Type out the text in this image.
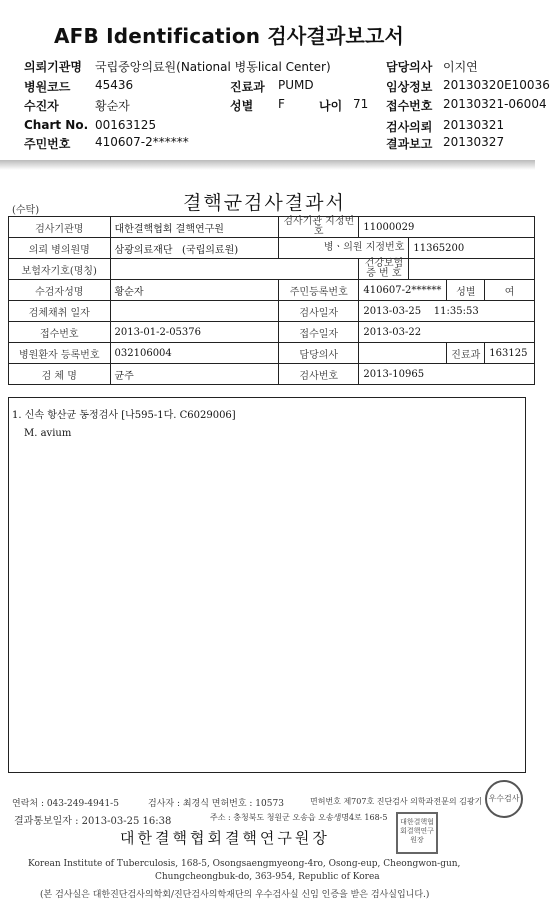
AFB Identification 검사결과보고서
의뢰기관명 국립중앙의료원(National 병동lical Center)	담당의사 이지연
병원코드 45436	진료과 PUMD	임상정보 20130320E10036
수진자	황순자	성별 F	나이 71 접수번호 20130321-06004
Chart No. 00163125	검사의뢰 20130321
주민번호 410607-2******	결과보고 20130327
(수탁)	결핵균검사결과서
검사기관명	대한결핵협회 결핵연구원	검사기관 지정번호	11000029			
의뢰 병의원명	삼광의료재단 (국립의료원)	병ㆍ의원 지정번호		11365200		
보험자기호(명칭)			건강보험 증 번 호			
수검자성명	황순자	주민등록번호	410607-2******		성별	여
검체채취 일자		검사일자	2013-03-25 11:35:53			
접수번호	2013-01-2-05376	접수일자	2013-03-22			
병원환자 등록번호	032106004	담당의사			진료과	163125
검 체 명	균주	검사번호	2013-10965			
1. 신속 항산균 동정검사 [나595-1다. C6029006]
M. avium
연락처 : 043-249-4941-5	검사자 : 최경식 면허번호 : 10573	면허번호 제707호 진단검사 의학과전문의 김광기
결과통보일자 : 2013-03-25 16:38	주소 : 충청북도 청원군 오송읍 오송생명4로 168-5
대한결핵협회결핵연구원장
Korean Institute of Tuberculosis, 168-5, Osongsaengmyeong-4ro, Osong-eup, Cheongwon-gun,
Chungcheongbuk-do, 363-954, Republic of Korea
(본 검사실은 대한진단검사의학회/진단검사의학재단의 우수검사실 신임 인증을 받은 검사실입니다.)
우수검사
대한결핵협회결핵연구원장
